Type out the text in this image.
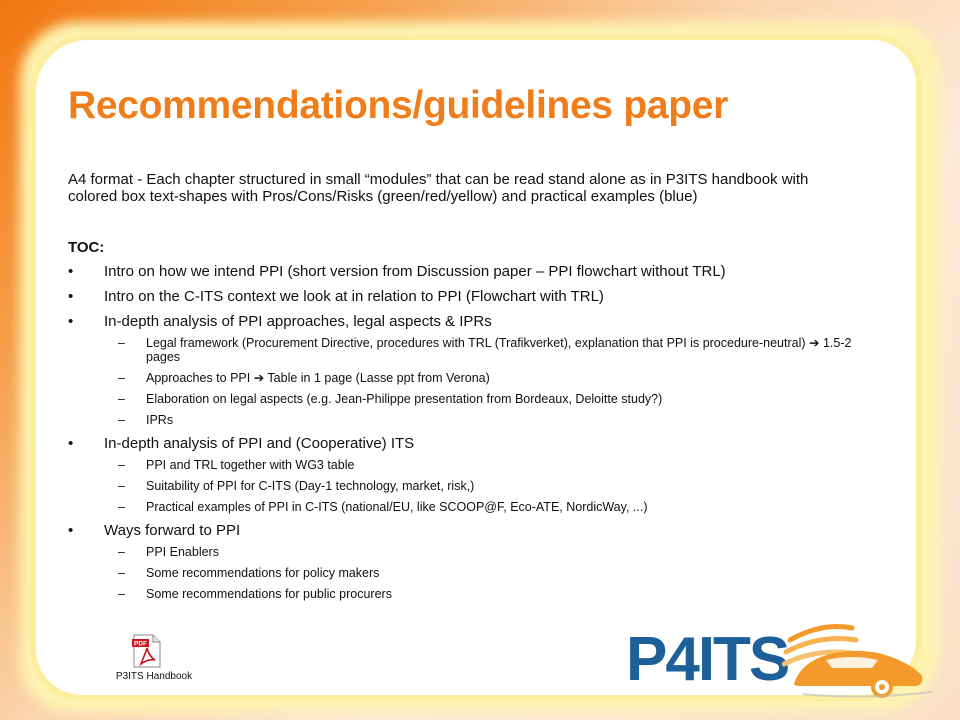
Recommendations/guidelines paper
A4 format - Each chapter structured in small “modules” that can be read stand alone as in P3ITS handbook with colored box text-shapes with Pros/Cons/Risks (green/red/yellow) and practical examples (blue)
TOC:
• Intro on how we intend PPI (short version from Discussion paper – PPI flowchart without TRL)
• Intro on the C-ITS context we look at in relation to PPI (Flowchart with TRL)
• In-depth analysis of PPI approaches, legal aspects & IPRs
– Legal framework (Procurement Directive, procedures with TRL (Trafikverket), explanation that PPI is procedure-neutral) ➔ 1.5-2 pages
– Approaches to PPI ➔ Table in 1 page (Lasse ppt from Verona)
– Elaboration on legal aspects (e.g. Jean-Philippe presentation from Bordeaux, Deloitte study?)
– IPRs
• In-depth analysis of PPI and (Cooperative) ITS
– PPI and TRL together with WG3 table
– Suitability of PPI for C-ITS (Day-1 technology, market, risk,)
– Practical examples of PPI in C-ITS (national/EU, like SCOOP@F, Eco-ATE, NordicWay, ...)
• Ways forward to PPI
– PPI Enablers
– Some recommendations for policy makers
– Some recommendations for public procurers
PDF
P3ITS Handbook	P4ITS
